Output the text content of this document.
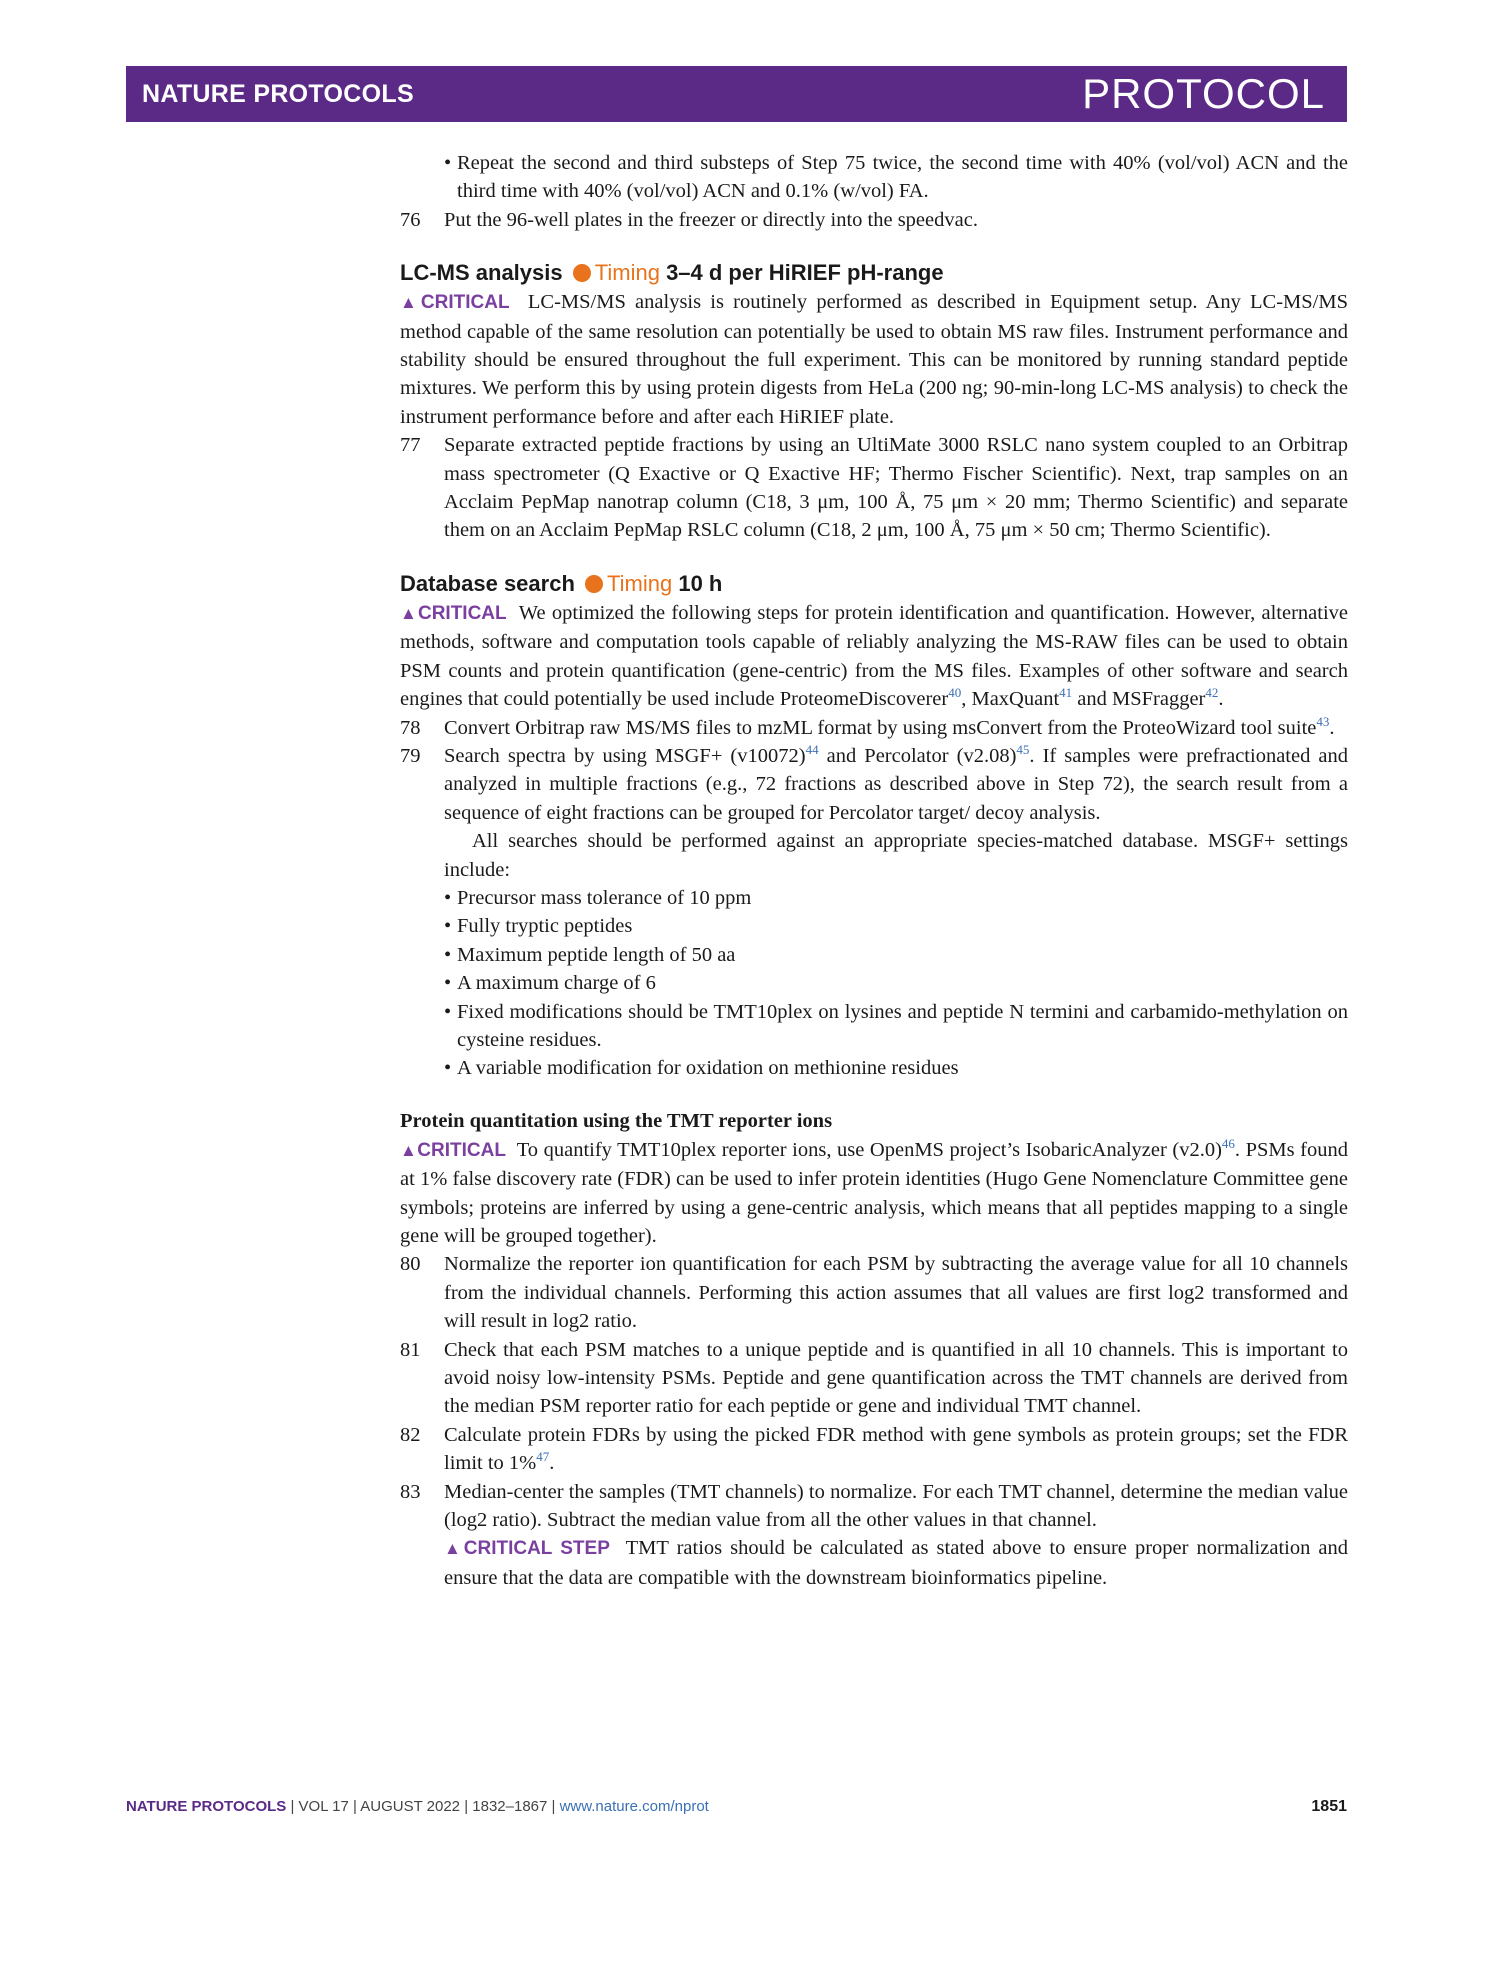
NATURE PROTOCOLS	PROTOCOL
• Repeat the second and third substeps of Step 75 twice, the second time with 40% (vol/vol) ACN and the third time with 40% (vol/vol) ACN and 0.1% (w/vol) FA.
76 Put the 96-well plates in the freezer or directly into the speedvac.
LC-MS analysis Timing 3–4 d per HiRIEF pH-range
▲CRITICAL LC-MS/MS analysis is routinely performed as described in Equipment setup. Any LC-MS/MS method capable of the same resolution can potentially be used to obtain MS raw files. Instrument performance and stability should be ensured throughout the full experiment. This can be monitored by running standard peptide mixtures. We perform this by using protein digests from HeLa (200 ng; 90-min-long LC-MS analysis) to check the instrument performance before and after each HiRIEF plate.
77 Separate extracted peptide fractions by using an UltiMate 3000 RSLC nano system coupled to an Orbitrap mass spectrometer (Q Exactive or Q Exactive HF; Thermo Fischer Scientific). Next, trap samples on an Acclaim PepMap nanotrap column (C18, 3 μm, 100 Å, 75 μm × 20 mm; Thermo Scientific) and separate them on an Acclaim PepMap RSLC column (C18, 2 μm, 100 Å, 75 μm × 50 cm; Thermo Scientific).
Database search Timing 10 h
▲CRITICAL We optimized the following steps for protein identification and quantification. However, alternative methods, software and computation tools capable of reliably analyzing the MS-RAW files can be used to obtain PSM counts and protein quantification (gene-centric) from the MS files. Examples of other software and search engines that could potentially be used include ProteomeDiscoverer$^{40}$, MaxQuant$^{41}$ and MSFragger$^{42}$.
78 Convert Orbitrap raw MS/MS files to mzML format by using msConvert from the ProteoWizard tool suite$^{43}$.
79 Search spectra by using MSGF+ (v10072)$^{44}$ and Percolator (v2.08)$^{45}$. If samples were prefractionated and analyzed in multiple fractions (e.g., 72 fractions as described above in Step 72), the search result from a sequence of eight fractions can be grouped for Percolator target/ decoy analysis.
All searches should be performed against an appropriate species-matched database. MSGF+ settings include:
• Precursor mass tolerance of 10 ppm
• Fully tryptic peptides
• Maximum peptide length of 50 aa
• A maximum charge of 6
• Fixed modifications should be TMT10plex on lysines and peptide N termini and carbamido-methylation on cysteine residues.
• A variable modification for oxidation on methionine residues
Protein quantitation using the TMT reporter ions
▲CRITICAL To quantify TMT10plex reporter ions, use OpenMS project’s IsobaricAnalyzer (v2.0)$^{46}$. PSMs found at 1% false discovery rate (FDR) can be used to infer protein identities (Hugo Gene Nomenclature Committee gene symbols; proteins are inferred by using a gene-centric analysis, which means that all peptides mapping to a single gene will be grouped together).
80 Normalize the reporter ion quantification for each PSM by subtracting the average value for all 10 channels from the individual channels. Performing this action assumes that all values are first log2 transformed and will result in log2 ratio.
81 Check that each PSM matches to a unique peptide and is quantified in all 10 channels. This is important to avoid noisy low-intensity PSMs. Peptide and gene quantification across the TMT channels are derived from the median PSM reporter ratio for each peptide or gene and individual TMT channel.
82 Calculate protein FDRs by using the picked FDR method with gene symbols as protein groups; set the FDR limit to 1%$^{47}$.
83 Median-center the samples (TMT channels) to normalize. For each TMT channel, determine the median value (log2 ratio). Subtract the median value from all the other values in that channel.
▲CRITICAL STEP TMT ratios should be calculated as stated above to ensure proper normalization and ensure that the data are compatible with the downstream bioinformatics pipeline.
NATURE PROTOCOLS | VOL 17 | AUGUST 2022 | 1832–1867 | www.nature.com/nprot	1851
